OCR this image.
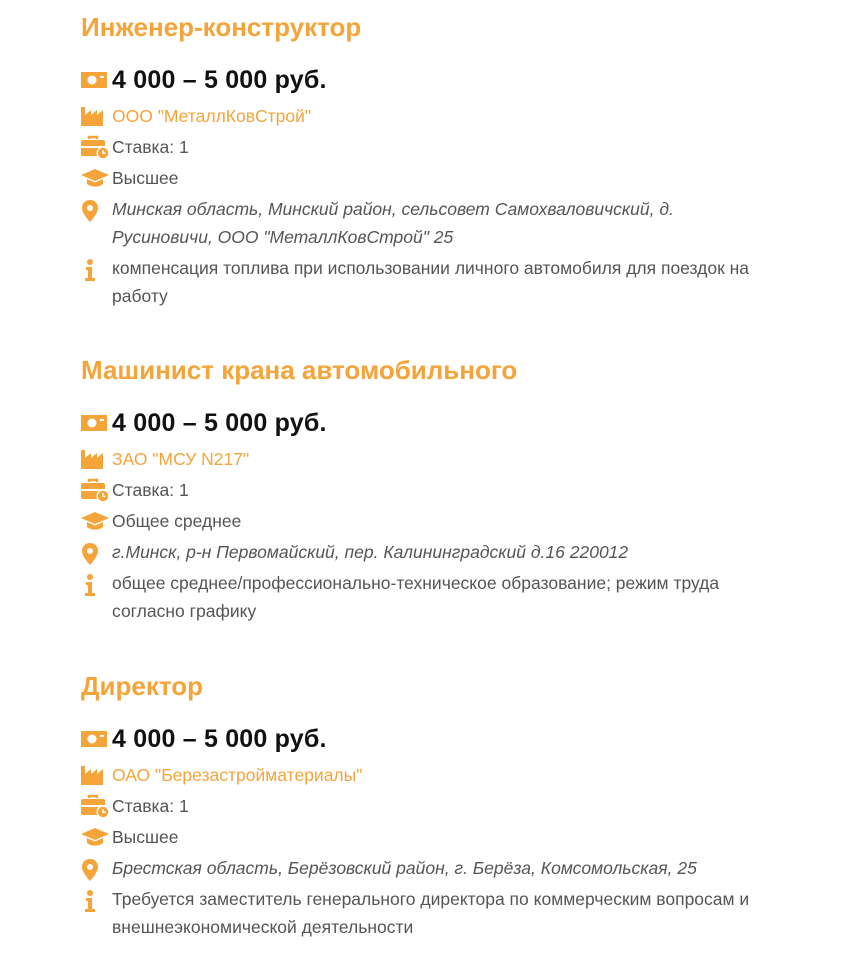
Инженер-конструктор
4 000 – 5 000 руб.
ООО "МеталлКовСтрой"
Ставка: 1
Высшее
Минская область, Минский район, сельсовет Самохваловичский, д. Русиновичи, ООО "МеталлКовСтрой" 25
компенсация топлива при использовании личного автомобиля для поездок на работу
Машинист крана автомобильного
4 000 – 5 000 руб.
ЗАО "МСУ N217"
Ставка: 1
Общее среднее
г.Минск, р-н Первомайский, пер. Калининградский д.16 220012
общее среднее/профессионально-техническое образование; режим труда согласно графику
Директор
4 000 – 5 000 руб.
ОАО "Березастройматериалы"
Ставка: 1
Высшее
Брестская область, Берёзовский район, г. Берёза, Комсомольская, 25
Требуется заместитель генерального директора по коммерческим вопросам и внешнеэкономической деятельности
